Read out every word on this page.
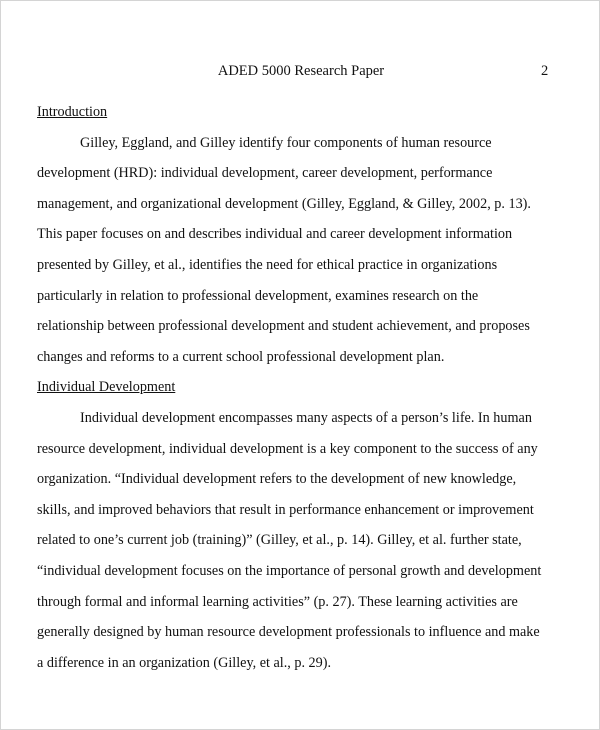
ADED 5000 Research Paper	2
Introduction
Gilley, Eggland, and Gilley identify four components of human resource
development (HRD): individual development, career development, performance
management, and organizational development (Gilley, Eggland, & Gilley, 2002, p. 13).
This paper focuses on and describes individual and career development information
presented by Gilley, et al., identifies the need for ethical practice in organizations
particularly in relation to professional development, examines research on the
relationship between professional development and student achievement, and proposes
changes and reforms to a current school professional development plan.
Individual Development
Individual development encompasses many aspects of a person’s life. In human
resource development, individual development is a key component to the success of any
organization. “Individual development refers to the development of new knowledge,
skills, and improved behaviors that result in performance enhancement or improvement
related to one’s current job (training)” (Gilley, et al., p. 14). Gilley, et al. further state,
“individual development focuses on the importance of personal growth and development
through formal and informal learning activities” (p. 27). These learning activities are
generally designed by human resource development professionals to influence and make
a difference in an organization (Gilley, et al., p. 29).
